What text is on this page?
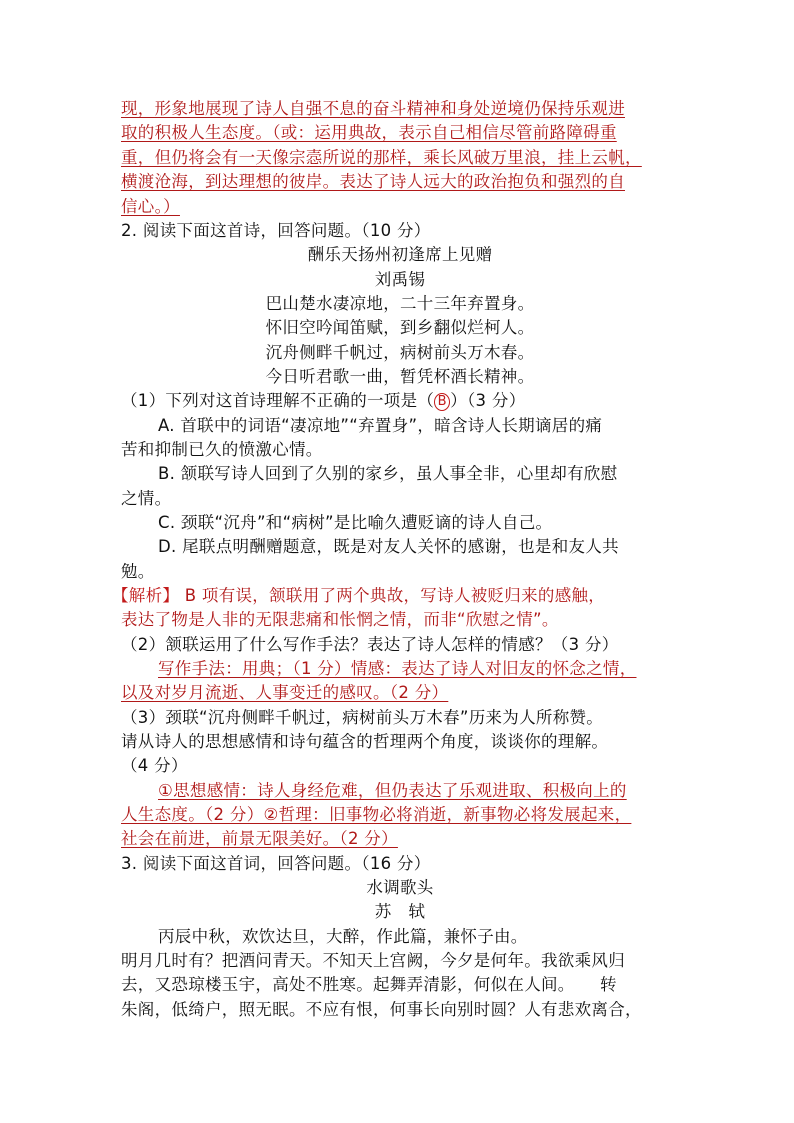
现，形象地展现了诗人自强不息的奋斗精神和身处逆境仍保持乐观进
取的积极人生态度。（或：运用典故，表示自己相信尽管前路障碍重
重，但仍将会有一天像宗悫所说的那样，乘长风破万里浪，挂上云帆，
横渡沧海，到达理想的彼岸。表达了诗人远大的政治抱负和强烈的自
信心。）
2. 阅读下面这首诗，回答问题。（10 分）
酬乐天扬州初逢席上见赠
刘禹锡
巴山楚水凄凉地，二十三年弃置身。
怀旧空吟闻笛赋，到乡翻似烂柯人。
沉舟侧畔千帆过，病树前头万木春。
今日听君歌一曲，暂凭杯酒长精神。
（1）下列对这首诗理解不正确的一项是（ B ）（3 分）
A. 首联中的词语“凄凉地”“弃置身”，暗含诗人长期谪居的痛
苦和抑制已久的愤激心情。
B. 颔联写诗人回到了久别的家乡，虽人事全非，心里却有欣慰
之情。
C. 颈联“沉舟”和“病树”是比喻久遭贬谪的诗人自己。
D. 尾联点明酬赠题意，既是对友人关怀的感谢，也是和友人共
勉。
【解析】 B 项有误，颔联用了两个典故，写诗人被贬归来的感触，
表达了物是人非的无限悲痛和怅惘之情，而非“欣慰之情”。
（2）颔联运用了什么写作手法？表达了诗人怎样的情感？（3 分）
写作手法：用典；（1 分）情感：表达了诗人对旧友的怀念之情，
以及对岁月流逝、人事变迁的感叹。（2 分）
（3）颈联“沉舟侧畔千帆过，病树前头万木春”历来为人所称赞。
请从诗人的思想感情和诗句蕴含的哲理两个角度，谈谈你的理解。
（4 分）
①思想感情：诗人身经危难，但仍表达了乐观进取、积极向上的
人生态度。（2 分）②哲理：旧事物必将消逝，新事物必将发展起来，
社会在前进，前景无限美好。（2 分）
3. 阅读下面这首词，回答问题。（16 分）
水调歌头
苏　轼
丙辰中秋，欢饮达旦，大醉，作此篇，兼怀子由。
明月几时有？把酒问青天。不知天上宫阙，今夕是何年。我欲乘风归
去，又恐琼楼玉宇，高处不胜寒。起舞弄清影，何似在人间。　　转
朱阁，低绮户，照无眠。不应有恨，何事长向别时圆？人有悲欢离合，
